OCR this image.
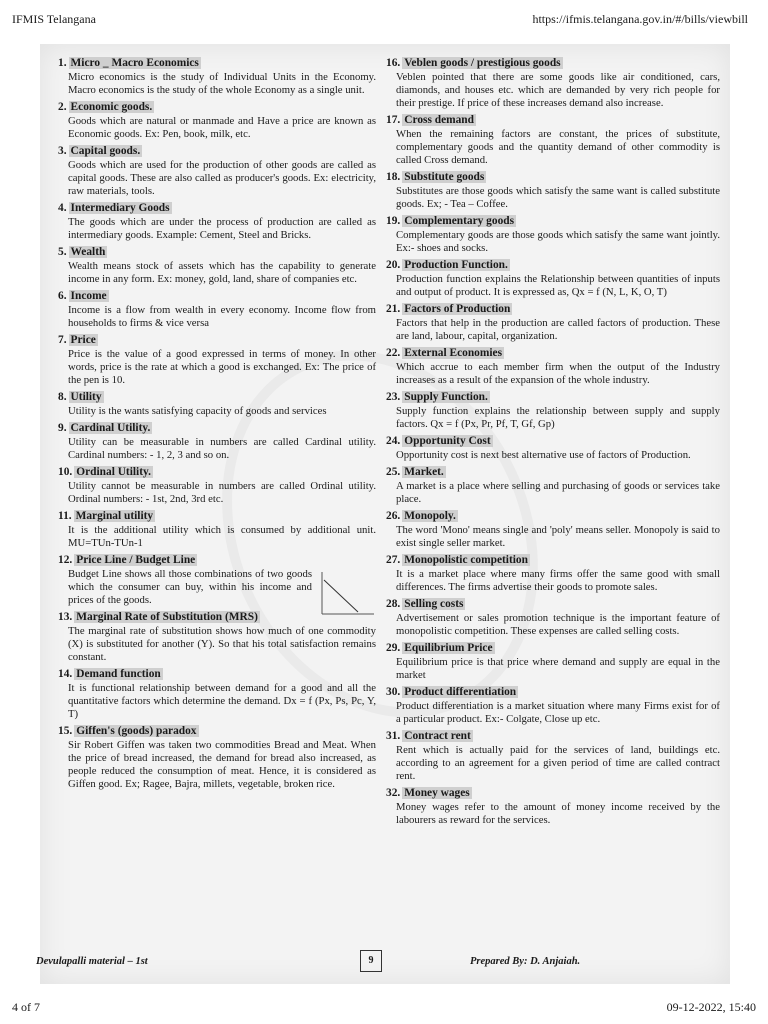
IFMIS Telangana	https://ifmis.telangana.gov.in/#/bills/viewbill
1. Micro _ Macro Economics
Micro economics is the study of Individual Units in the Economy. Macro economics is the study of the whole Economy as a single unit.
2. Economic goods.
Goods which are natural or manmade and Have a price are known as Economic goods. Ex: Pen, book, milk, etc.
3. Capital goods.
Goods which are used for the production of other goods are called as capital goods. These are also called as producer's goods. Ex: electricity, raw materials, tools.
4. Intermediary Goods
The goods which are under the process of production are called as intermediary goods. Example: Cement, Steel and Bricks.
5. Wealth
Wealth means stock of assets which has the capability to generate income in any form. Ex: money, gold, land, share of companies etc.
6. Income
Income is a flow from wealth in every economy. Income flow from households to firms & vice versa
7. Price
Price is the value of a good expressed in terms of money. In other words, price is the rate at which a good is exchanged. Ex: The price of the pen is 10.
8. Utility
Utility is the wants satisfying capacity of goods and services
9. Cardinal Utility.
Utility can be measurable in numbers are called Cardinal utility. Cardinal numbers: - 1, 2, 3 and so on.
10. Ordinal Utility.
Utility cannot be measurable in numbers are called Ordinal utility. Ordinal numbers: - 1st, 2nd, 3rd etc.
11. Marginal utility
It is the additional utility which is consumed by additional unit. MU=TUn-TUn-1
12. Price Line / Budget Line
Budget Line shows all those combinations of two goods which the consumer can buy, within his income and prices of the goods.
13. Marginal Rate of Substitution (MRS)
The marginal rate of substitution shows how much of one commodity (X) is substituted for another (Y). So that his total satisfaction remains constant.
14. Demand function
It is functional relationship between demand for a good and all the quantitative factors which determine the demand. Dx = f (Px, Ps, Pc, Y, T)
15. Giffen's (goods) paradox
Sir Robert Giffen was taken two commodities Bread and Meat. When the price of bread increased, the demand for bread also increased, as people reduced the consumption of meat. Hence, it is considered as Giffen good. Ex; Ragee, Bajra, millets, vegetable, broken rice.
16. Veblen goods / prestigious goods
Veblen pointed that there are some goods like air conditioned, cars, diamonds, and houses etc. which are demanded by very rich people for their prestige. If price of these increases demand also increase.
17. Cross demand
When the remaining factors are constant, the prices of substitute, complementary goods and the quantity demand of other commodity is called Cross demand.
18. Substitute goods
Substitutes are those goods which satisfy the same want is called substitute goods. Ex; - Tea – Coffee.
19. Complementary goods
Complementary goods are those goods which satisfy the same want jointly. Ex:- shoes and socks.
20. Production Function.
Production function explains the Relationship between quantities of inputs and output of product. It is expressed as, Qx = f (N, L, K, O, T)
21. Factors of Production
Factors that help in the production are called factors of production. These are land, labour, capital, organization.
22. External Economies
Which accrue to each member firm when the output of the Industry increases as a result of the expansion of the whole industry.
23. Supply Function.
Supply function explains the relationship between supply and supply factors. Qx = f (Px, Pr, Pf, T, Gf, Gp)
24. Opportunity Cost
Opportunity cost is next best alternative use of factors of Production.
25. Market.
A market is a place where selling and purchasing of goods or services take place.
26. Monopoly.
The word 'Mono' means single and 'poly' means seller. Monopoly is said to exist single seller market.
27. Monopolistic competition
It is a market place where many firms offer the same good with small differences. The firms advertise their goods to promote sales.
28. Selling costs
Advertisement or sales promotion technique is the important feature of monopolistic competition. These expenses are called selling costs.
29. Equilibrium Price
Equilibrium price is that price where demand and supply are equal in the market
30. Product differentiation
Product differentiation is a market situation where many Firms exist for of a particular product. Ex:- Colgate, Close up etc.
31. Contract rent
Rent which is actually paid for the services of land, buildings etc. according to an agreement for a given period of time are called contract rent.
32. Money wages
Money wages refer to the amount of money income received by the labourers as reward for the services.
Devulapalli material – 1st	9	Prepared By: D. Anjaiah.
4 of 7	09-12-2022, 15:40
